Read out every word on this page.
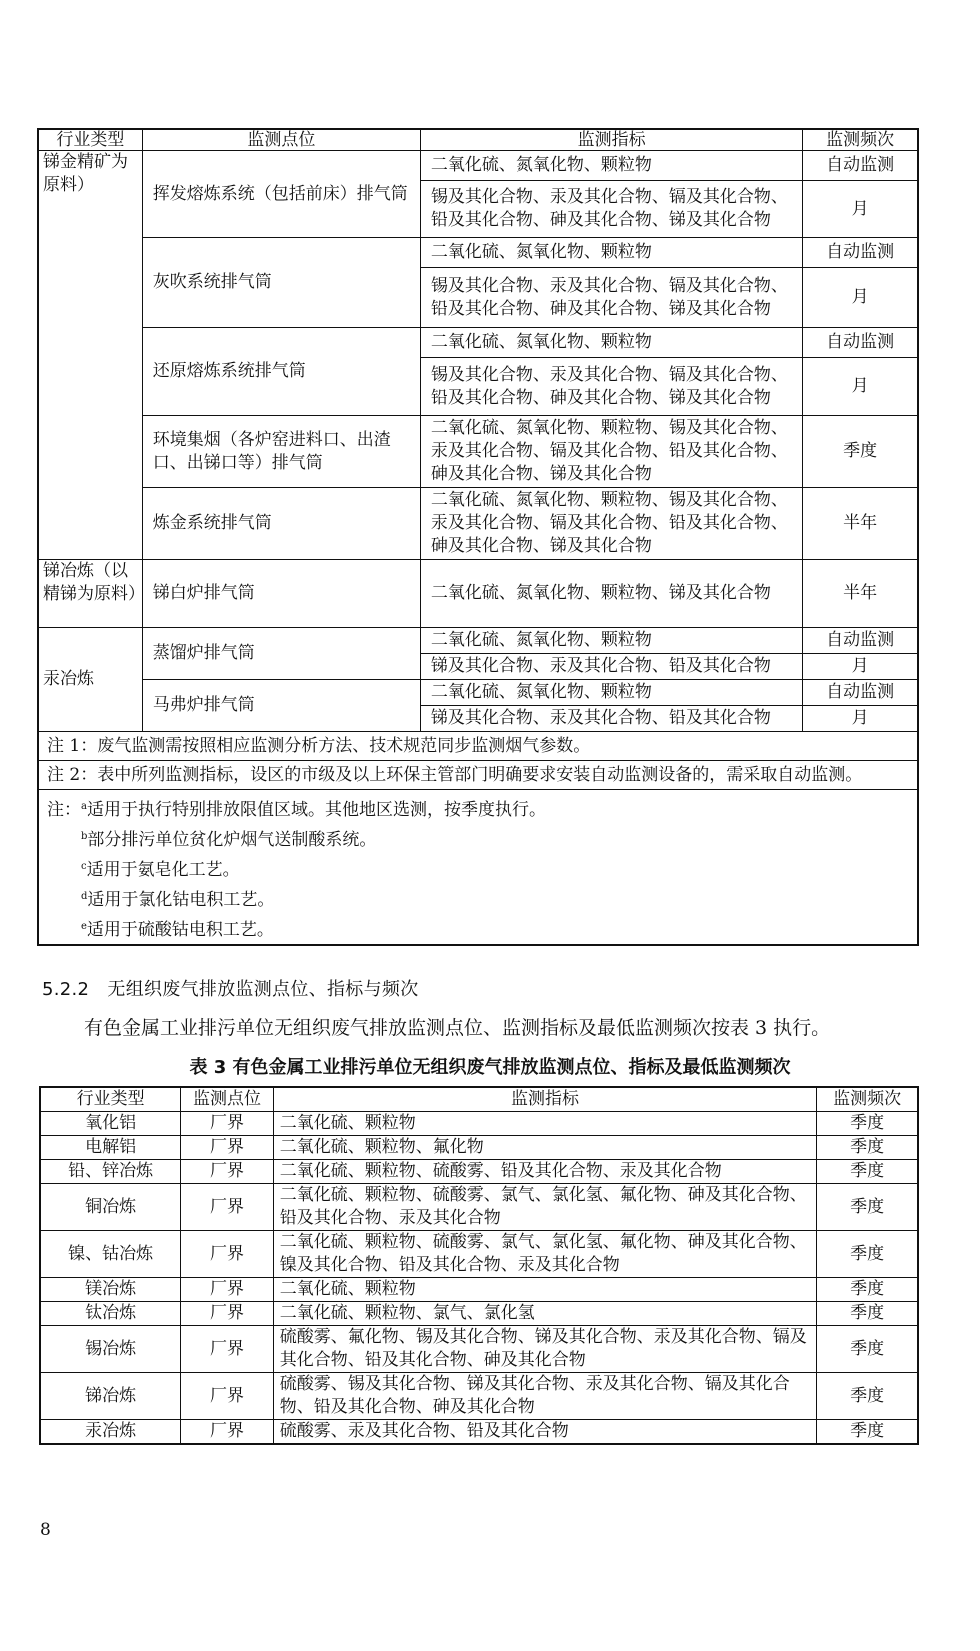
行业类型	监测点位	监测指标	监测频次
锑金精矿为原料）	挥发熔炼系统（包括前床）排气筒	二氧化硫、氮氧化物、颗粒物	自动监测
		锡及其化合物、汞及其化合物、镉及其化合物、铅及其化合物、砷及其化合物、锑及其化合物	月
	灰吹系统排气筒	二氧化硫、氮氧化物、颗粒物	自动监测
		锡及其化合物、汞及其化合物、镉及其化合物、铅及其化合物、砷及其化合物、锑及其化合物	月
	还原熔炼系统排气筒	二氧化硫、氮氧化物、颗粒物	自动监测
		锡及其化合物、汞及其化合物、镉及其化合物、铅及其化合物、砷及其化合物、锑及其化合物	月
	环境集烟（各炉窑进料口、出渣口、出锑口等）排气筒	二氧化硫、氮氧化物、颗粒物、锡及其化合物、汞及其化合物、镉及其化合物、铅及其化合物、砷及其化合物、锑及其化合物	季度
	炼金系统排气筒	二氧化硫、氮氧化物、颗粒物、锡及其化合物、汞及其化合物、镉及其化合物、铅及其化合物、砷及其化合物、锑及其化合物	半年
锑冶炼（以精锑为原料）	锑白炉排气筒	二氧化硫、氮氧化物、颗粒物、锑及其化合物	半年
汞冶炼	蒸馏炉排气筒	二氧化硫、氮氧化物、颗粒物	自动监测
		锑及其化合物、汞及其化合物、铅及其化合物	月
	马弗炉排气筒	二氧化硫、氮氧化物、颗粒物	自动监测
		锑及其化合物、汞及其化合物、铅及其化合物	月
注 1：废气监测需按照相应监测分析方法、技术规范同步监测烟气参数。			
注 2：表中所列监测指标，设区的市级及以上环保主管部门明确要求安装自动监测设备的，需采取自动监测。			

注：$^a$适用于执行特别排放限值区域。其他地区选测，按季度执行。
$^b$部分排污单位贫化炉烟气送制酸系统。
$^c$适用于氨皂化工艺。
$^d$适用于氯化钴电积工艺。
$^e$适用于硫酸钴电积工艺。			
5.2.2 无组织废气排放监测点位、指标与频次
有色金属工业排污单位无组织废气排放监测点位、监测指标及最低监测频次按表 3 执行。
表 3 有色金属工业排污单位无组织废气排放监测点位、指标及最低监测频次
行业类型	监测点位	监测指标	监测频次
氧化铝	厂界	二氧化硫、颗粒物	季度
电解铝	厂界	二氧化硫、颗粒物、氟化物	季度
铅、锌冶炼	厂界	二氧化硫、颗粒物、硫酸雾、铅及其化合物、汞及其化合物	季度
铜冶炼	厂界	二氧化硫、颗粒物、硫酸雾、氯气、氯化氢、氟化物、砷及其化合物、铅及其化合物、汞及其化合物	季度
镍、钴冶炼	厂界	二氧化硫、颗粒物、硫酸雾、氯气、氯化氢、氟化物、砷及其化合物、镍及其化合物、铅及其化合物、汞及其化合物	季度
镁冶炼	厂界	二氧化硫、颗粒物	季度
钛冶炼	厂界	二氧化硫、颗粒物、氯气、氯化氢	季度
锡冶炼	厂界	硫酸雾、氟化物、锡及其化合物、锑及其化合物、汞及其化合物、镉及其化合物、铅及其化合物、砷及其化合物	季度
锑冶炼	厂界	硫酸雾、锡及其化合物、锑及其化合物、汞及其化合物、镉及其化合物、铅及其化合物、砷及其化合物	季度
汞冶炼	厂界	硫酸雾、汞及其化合物、铅及其化合物	季度
8
